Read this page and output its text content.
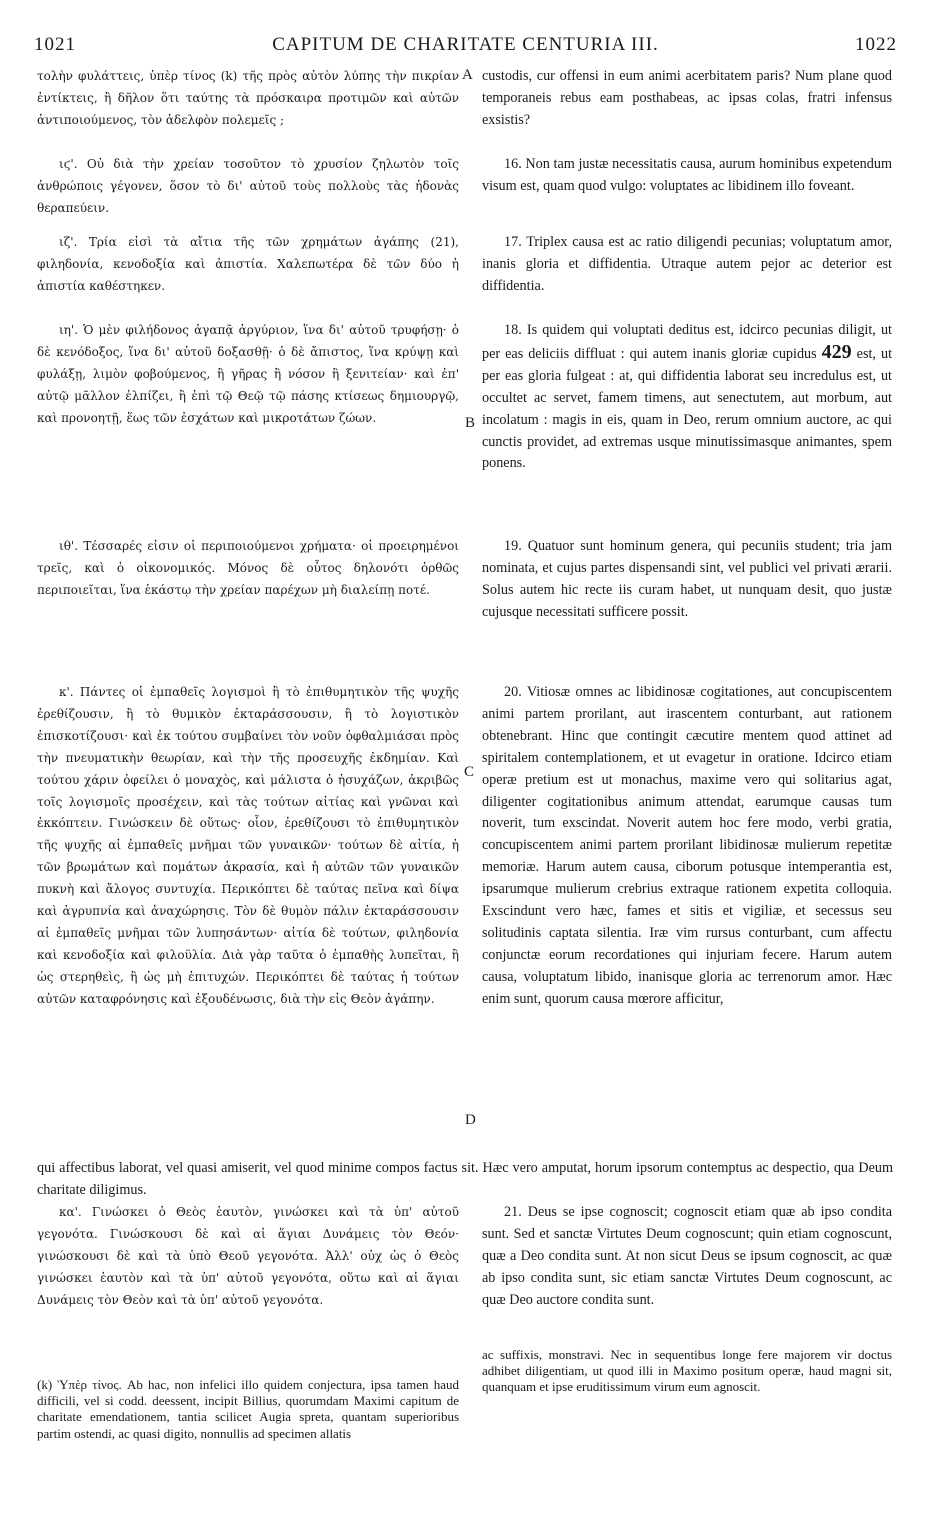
1021	CAPITUM DE CHARITATE CENTURIA III.	1022
τολὴν φυλάττεις, ὑπὲρ τίνος (k) τῆς πρὸς αὐτὸν λύπης τὴν πικρίαν ἐντίκτεις, ἢ δῆλον ὅτι ταύτης τὰ πρόσκαιρα προτιμῶν καὶ αὐτῶν ἀντιποιούμενος, τὸν ἀδελφὸν πολεμεῖς ;
ιϛ'. Οὐ διὰ τὴν χρείαν τοσοῦτον τὸ χρυσίον ζηλωτὸν τοῖς ἀνθρώποις γέγονεν, ὅσον τὸ δι' αὐτοῦ τοὺς πολλοὺς τὰς ἡδονὰς θεραπεύειν.
ιζ'. Τρία εἰσὶ τὰ αἴτια τῆς τῶν χρημάτων ἀγάπης (21), φιληδονία, κενοδοξία καὶ ἀπιστία. Χαλεπωτέρα δὲ τῶν δύο ἡ ἀπιστία καθέστηκεν.
ιη'. Ὁ μὲν φιλήδονος ἀγαπᾷ ἀργύριον, ἵνα δι' αὐτοῦ τρυφήσῃ· ὁ δὲ κενόδοξος, ἵνα δι' αὐτοῦ δοξασθῇ· ὁ δὲ ἄπιστος, ἵνα κρύψῃ καὶ φυλάξῃ, λιμὸν φοβούμενος, ἢ γῆρας ἢ νόσον ἢ ξενιτείαν· καὶ ἐπ' αὐτῷ μᾶλλον ἐλπίζει, ἢ ἐπὶ τῷ Θεῷ τῷ πάσης κτίσεως δημιουργῷ, καὶ προνοητῇ, ἕως τῶν ἐσχάτων καὶ μικροτάτων ζώων.
ιθ'. Τέσσαρές εἰσιν οἱ περιποιούμενοι χρήματα· οἱ προειρημένοι τρεῖς, καὶ ὁ οἰκονομικός. Μόνος δὲ οὗτος δηλονότι ὀρθῶς περιποιεῖται, ἵνα ἑκάστῳ τὴν χρείαν παρέχων μὴ διαλείπῃ ποτέ.
κ'. Πάντες οἱ ἐμπαθεῖς λογισμοὶ ἢ τὸ ἐπιθυμητικὸν τῆς ψυχῆς ἐρεθίζουσιν, ἢ τὸ θυμικὸν ἐκταράσσουσιν, ἢ τὸ λογιστικὸν ἐπισκοτίζουσι· καὶ ἐκ τούτου συμβαίνει τὸν νοῦν ὀφθαλμιάσαι πρὸς τὴν πνευματικὴν θεωρίαν, καὶ τὴν τῆς προσευχῆς ἐκδημίαν. Καὶ τούτου χάριν ὀφείλει ὁ μοναχὸς, καὶ μάλιστα ὁ ἡσυχάζων, ἀκριβῶς τοῖς λογισμοῖς προσέχειν, καὶ τὰς τούτων αἰτίας καὶ γνῶναι καὶ ἐκκόπτειν. Γινώσκειν δὲ οὕτως· οἷον, ἐρεθίζουσι τὸ ἐπιθυμητικὸν τῆς ψυχῆς αἱ ἐμπαθεῖς μνῆμαι τῶν γυναικῶν· τούτων δὲ αἰτία, ἡ τῶν βρωμάτων καὶ πομάτων ἀκρασία, καὶ ἡ αὐτῶν τῶν γυναικῶν πυκνὴ καὶ ἄλογος συντυχία. Περικόπτει δὲ ταύτας πεῖνα καὶ δίψα καὶ ἀγρυπνία καὶ ἀναχώρησις. Τὸν δὲ θυμὸν πάλιν ἐκταράσσουσιν αἱ ἐμπαθεῖς μνῆμαι τῶν λυπησάντων· αἰτία δὲ τούτων, φιληδονία καὶ κενοδοξία καὶ φιλοϋλία. Διὰ γὰρ ταῦτα ὁ ἐμπαθὴς λυπεῖται, ἢ ὡς στερηθεὶς, ἢ ὡς μὴ ἐπιτυχών. Περικόπτει δὲ ταύτας ἡ τούτων αὐτῶν καταφρόνησις καὶ ἐξουδένωσις, διὰ τὴν εἰς Θεὸν ἀγάπην.
κα'. Γινώσκει ὁ Θεὸς ἑαυτὸν, γινώσκει καὶ τὰ ὑπ' αὐτοῦ γεγονότα. Γινώσκουσι δὲ καὶ αἱ ἅγιαι Δυνάμεις τὸν Θεόν· γινώσκουσι δὲ καὶ τὰ ὑπὸ Θεοῦ γεγονότα. Ἀλλ' οὐχ ὡς ὁ Θεὸς γινώσκει ἑαυτὸν καὶ τὰ ὑπ' αὐτοῦ γεγονότα, οὕτω καὶ αἱ ἅγιαι Δυνάμεις τὸν Θεὸν καὶ τὰ ὑπ' αὐτοῦ γεγονότα.
custodis, cur offensi in eum animi acerbitatem paris? Num plane quod temporaneis rebus eam posthabeas, ac ipsas colas, fratri infensus exsistis?
16. Non tam justæ necessitatis causa, aurum hominibus expetendum visum est, quam quod vulgo: voluptates ac libidinem illo foveant.
17. Triplex causa est ac ratio diligendi pecunias; voluptatum amor, inanis gloria et diffidentia. Utraque autem pejor ac deterior est diffidentia.
18. Is quidem qui voluptati deditus est, idcirco pecunias diligit, ut per eas deliciis diffluat : qui autem inanis gloriæ cupidus 429 est, ut per eas gloria fulgeat : at, qui diffidentia laborat seu incredulus est, ut occultet ac servet, famem timens, aut senectutem, aut morbum, aut incolatum : magis in eis, quam in Deo, rerum omnium auctore, ac qui cunctis providet, ad extremas usque minutissimasque animantes, spem ponens.
19. Quatuor sunt hominum genera, qui pecuniis student; tria jam nominata, et cujus partes dispensandi sint, vel publici vel privati ærarii. Solus autem hic recte iis curam habet, ut nunquam desit, quo justæ cujusque necessitati sufficere possit.
20. Vitiosæ omnes ac libidinosæ cogitationes, aut concupiscentem animi partem prorilant, aut irascentem conturbant, aut rationem obtenebrant. Hinc que contingit cæcutire mentem quod attinet ad spiritalem contemplationem, et ut evagetur in oratione. Idcirco etiam operæ pretium est ut monachus, maxime vero qui solitarius agat, diligenter cogitationibus animum attendat, earumque causas tum noverit, tum exscindat. Noverit autem hoc fere modo, verbi gratia, concupiscentem animi partem prorilant libidinosæ mulierum repetitæ memoriæ. Harum autem causa, ciborum potusque intemperantia est, ipsarumque mulierum crebrius extraque rationem expetita colloquia. Exscindunt vero hæc, fames et sitis et vigiliæ, et secessus seu solitudinis captata silentia. Iræ vim rursus conturbant, cum affectu conjunctæ eorum recordationes qui injuriam fecere. Harum autem causa, voluptatum libido, inanisque gloria ac terrenorum amor. Hæc enim sunt, quorum causa mœrore afficitur,
21. Deus se ipse cognoscit; cognoscit etiam quæ ab ipso condita sunt. Sed et sanctæ Virtutes Deum cognoscunt; quin etiam cognoscunt, quæ a Deo condita sunt. At non sicut Deus se ipsum cognoscit, ac quæ ab ipso condita sunt, sic etiam sanctæ Virtutes Deum cognoscunt, ac quæ Deo auctore condita sunt.
A
B
C
D
qui affectibus laborat, vel quasi amiserit, vel quod minime compos factus sit. Hæc vero amputat, horum ipsorum contemptus ac despectio, qua Deum charitate diligimus.
(k) Ὑπὲρ τίνος. Ab hac, non infelici illo quidem conjectura, ipsa tamen haud difficili, vel si codd. deessent, incipit Billius, quorumdam Maximi capitum de charitate emendationem, tantia scilicet Augia spreta, quantam superioribus partim ostendi, ac quasi digito, nonnullis ad specimen allatis
ac suffixis, monstravi. Nec in sequentibus longe fere majorem vir doctus adhibet diligentiam, ut quod illi in Maximo positum operæ, haud magni sit, quanquam et ipse eruditissimum virum eum agnoscit.
